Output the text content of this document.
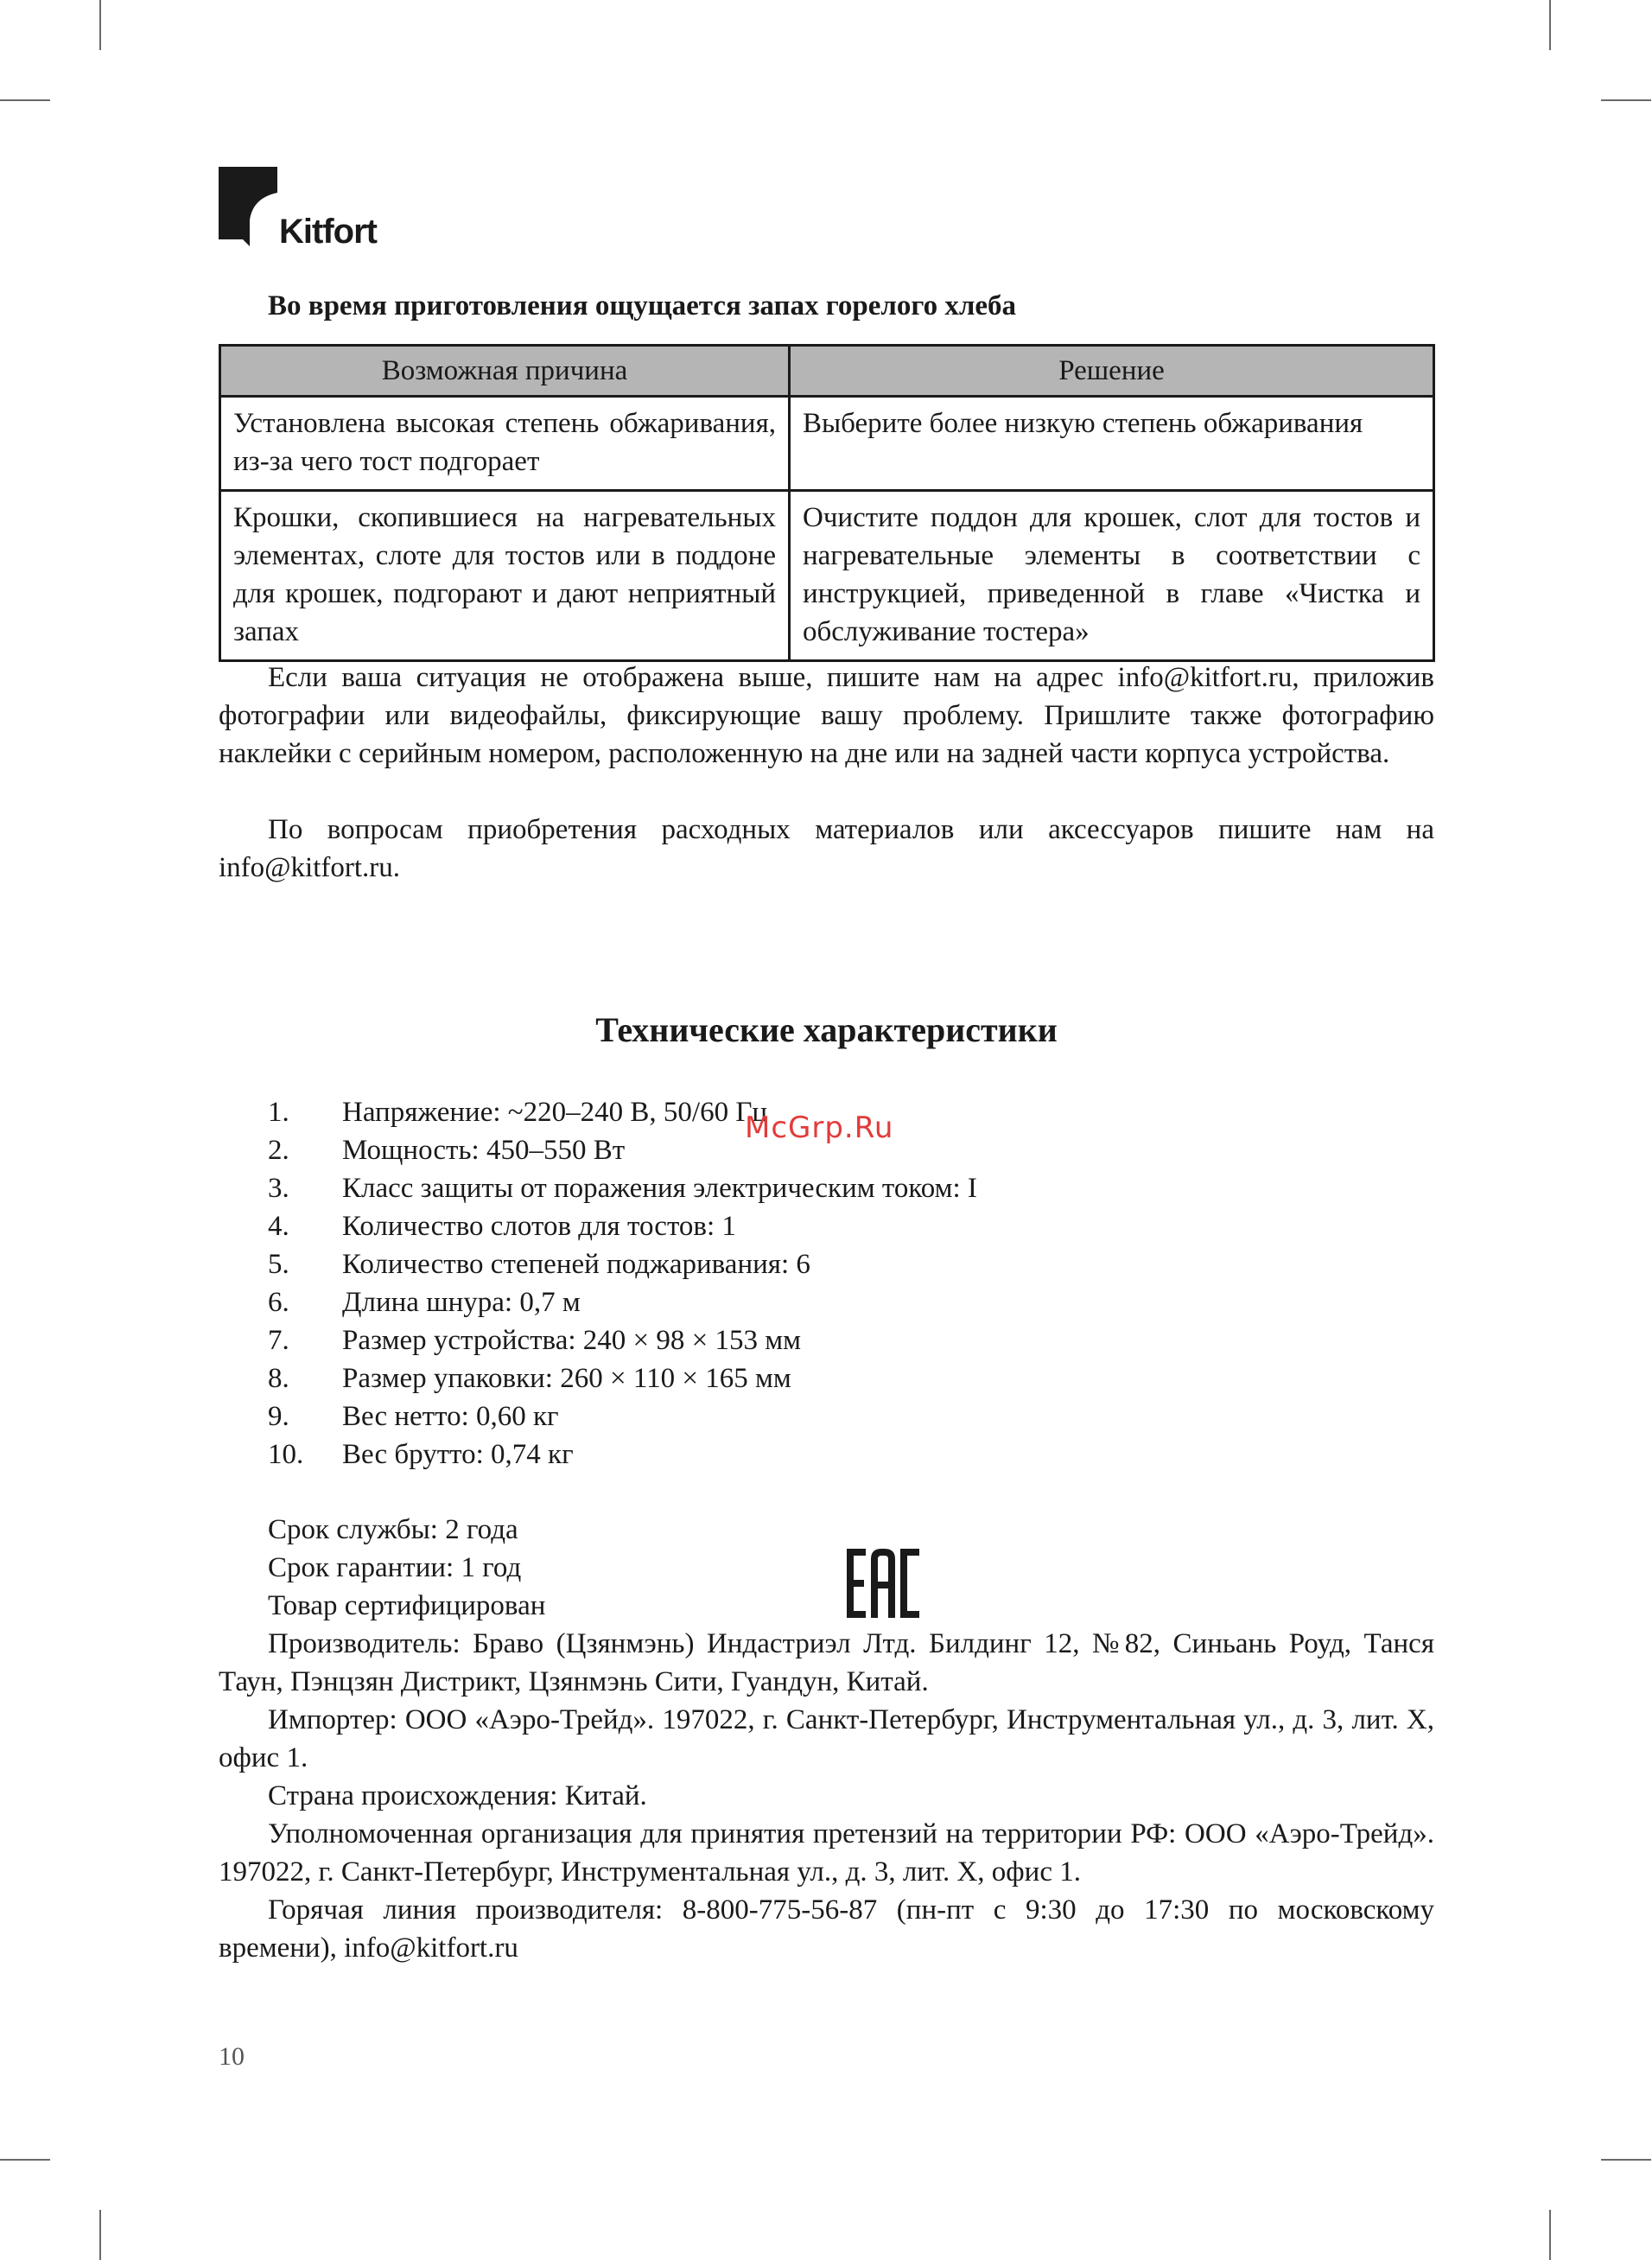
Kitfort
Во время приготовления ощущается запах горелого хлеба
Возможная причина	Решение
Установлена высокая степень обжаривания, из-за чего тост подгорает	Выберите более низкую степень обжаривания
Крошки, скопившиеся на нагревательных элементах, слоте для тостов или в поддоне для крошек, подгорают и дают неприятный запах	Очистите поддон для крошек, слот для тостов и нагревательные элементы в соответствии с инструкцией, приведенной в главе «Чистка и обслуживание тостера»

Если ваша ситуация не отображена выше, пишите нам на адрес info@kitfort.ru, приложив фотографии или видеофайлы, фиксирующие вашу проблему. Пришлите также фотографию наклейки с серийным номером, расположенную на дне или на задней части корпуса устройства.

По вопросам приобретения расходных материалов или аксессуаров пишите нам на info@kitfort.ru.

Технические характеристики
1.	Напряжение: ~220–240 В, 50/60 Гц
2.	Мощность: 450–550 Вт
3.	Класс защиты от поражения электрическим током: I
4.	Количество слотов для тостов: 1
5.	Количество степеней поджаривания: 6
6.	Длина шнура: 0,7 м
7.	Размер устройства: 240 × 98 × 153 мм
8.	Размер упаковки: 260 × 110 × 165 мм
9.	Вес нетто: 0,60 кг
10.	Вес брутто: 0,74 кг
Срок службы: 2 года
Срок гарантии: 1 год
Товар сертифицирован
Производитель: Браво (Цзянмэнь) Индастриэл Лтд. Билдинг 12, №82, Синьань Роуд, Танся Таун, Пэнцзян Дистрикт, Цзянмэнь Сити, Гуандун, Китай.
Импортер: ООО «Аэро-Трейд». 197022, г. Санкт-Петербург, Инструментальная ул., д. 3, лит. Х, офис 1.
Страна происхождения: Китай.
Уполномоченная организация для принятия претензий на территории РФ: ООО «Аэро-Трейд». 197022, г. Санкт-Петербург, Инструментальная ул., д. 3, лит. Х, офис 1.
Горячая линия производителя: 8-800-775-56-87 (пн-пт с 9:30 до 17:30 по московскому времени), info@kitfort.ru
McGrp.Ru
10
